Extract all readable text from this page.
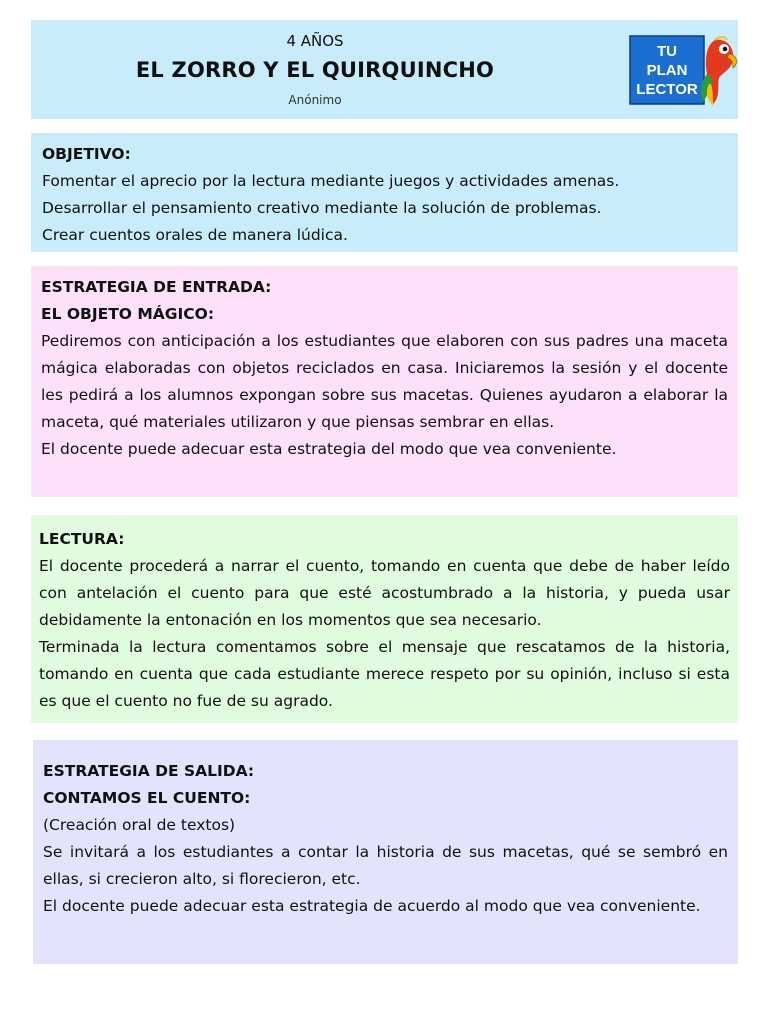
4 AÑOS
EL ZORRO Y EL QUIRQUINCHO
Anónimo
TU
PLAN
LECTOR

OBJETIVO:

Fomentar el aprecio por la lectura mediante juegos y actividades amenas.

Desarrollar el pensamiento creativo mediante la solución de problemas.

Crear cuentos orales de manera lúdica.

ESTRATEGIA DE ENTRADA:

EL OBJETO MÁGICO:

Pediremos con anticipación a los estudiantes que elaboren con sus padres una maceta mágica elaboradas con objetos reciclados en casa. Iniciaremos la sesión y el docente les pedirá a los alumnos expongan sobre sus macetas. Quienes ayudaron a elaborar la maceta, qué materiales utilizaron y que piensas sembrar en ellas.

El docente puede adecuar esta estrategia del modo que vea conveniente.

LECTURA:

El docente procederá a narrar el cuento, tomando en cuenta que debe de haber leído con antelación el cuento para que esté acostumbrado a la historia, y pueda usar debidamente la entonación en los momentos que sea necesario.

Terminada la lectura comentamos sobre el mensaje que rescatamos de la historia, tomando en cuenta que cada estudiante merece respeto por su opinión, incluso si esta es que el cuento no fue de su agrado.

ESTRATEGIA DE SALIDA:

CONTAMOS EL CUENTO:

(Creación oral de textos)

Se invitará a los estudiantes a contar la historia de sus macetas, qué se sembró en ellas, si crecieron alto, si florecieron, etc.

El docente puede adecuar esta estrategia de acuerdo al modo que vea conveniente.
